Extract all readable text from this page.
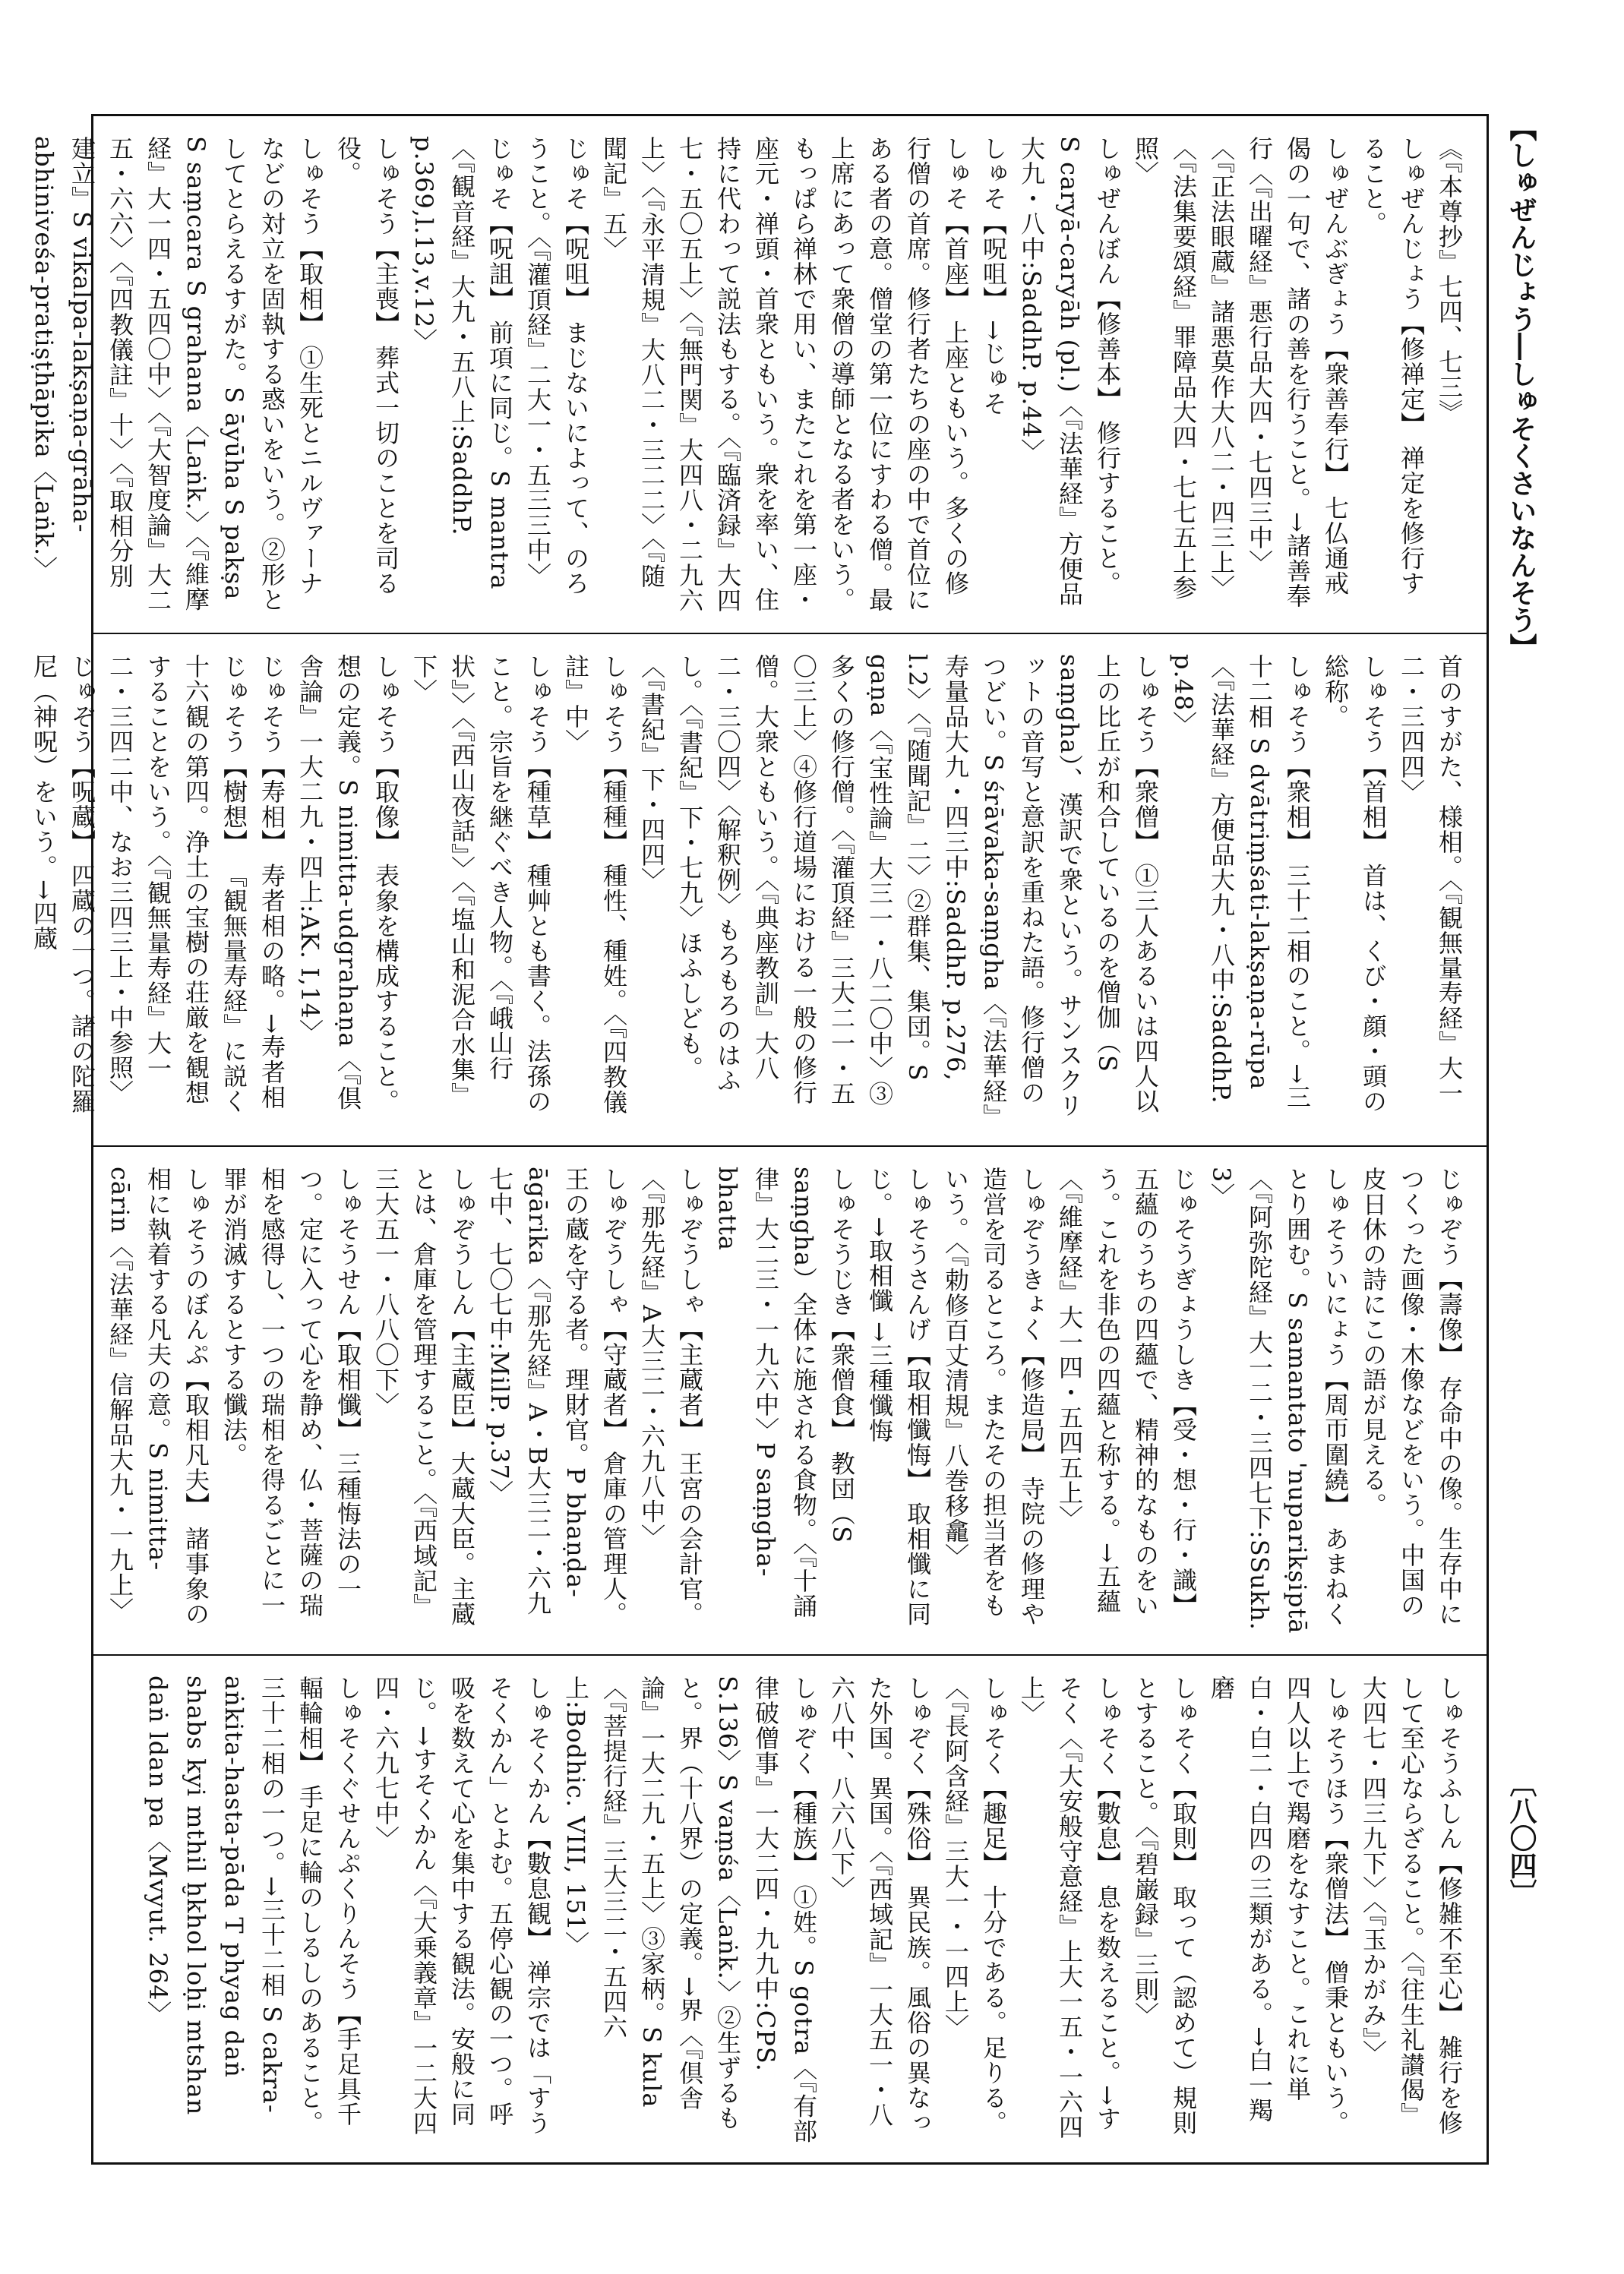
【しゅぜんじょう―しゅそくさいなんそう】
〔八〇四〕
《『本尊抄』七四、七三》
しゅぜんじょう【修禅定】 禅定を修行すること。
しゅぜんぶぎょう【衆善奉行】 七仏通戒偈の一句で、諸の善を行うこと。→諸善奉行〈『出曜経』悪行品大四・七四三中〉〈『正法眼蔵』諸悪莫作大八二・四三上〉〈『法集要頌経』罪障品大四・七七五上参照〉
しゅぜんぼん【修善本】 修行すること。S caryā-caryāh (pl.)〈『法華経』方便品大九・八中:SaddhP. p.44〉
しゅそ【呪咀】 →じゅそ
しゅそ【首座】 上座ともいう。多くの修行僧の首席。修行者たちの座の中で首位にある者の意。僧堂の第一位にすわる僧。最上席にあって衆僧の導師となる者をいう。もっぱら禅林で用い、またこれを第一座・座元・禅頭・首衆ともいう。衆を率い、住持に代わって説法もする。〈『臨済録』大四七・五〇五上〉〈『無門関』大四八・二九六上〉〈『永平清規』大八二・三二二〉〈『随聞記』五〉
じゅそ【呪咀】 まじないによって、のろうこと。〈『灌頂経』二大一・五三三中〉
じゅそ【呪詛】 前項に同じ。S mantra〈『観音経』大九・五八上:SaddhP. p.369,l.13,v.12〉
しゅそう【主喪】 葬式一切のことを司る役。
しゅそう【取相】 ①生死とニルヴァーナなどの対立を固執する惑いをいう。②形としてとらえるすがた。S āyūha S pakṣa S saṃcara S grahana〈Laṅk.〉〈『維摩経』大一四・五四〇中〉〈『大智度論』大二五・六六〉〈『四教儀註』十〉〈『取相分別建立』S vikalpa-lakṣaṇa-grāha-abhiniveśa-pratiṣṭhāpika〈Laṅk.〉
首のすがた、様相。〈『観無量寿経』大一二・三四四〉
しゅそう【首相】 首は、くび・顔・頭の総称。
しゅそう【衆相】 三十二相のこと。→三十二相 S dvātriṃśati-lakṣaṇa-rūpa〈『法華経』方便品大九・八中:SaddhP. p.48〉
しゅそう【衆僧】 ①三人あるいは四人以上の比丘が和合しているのを僧伽（S saṃgha）、漢訳で衆という。サンスクリットの音写と意訳を重ねた語。修行僧のつどい。S śrāvaka-saṃgha〈『法華経』寿量品大九・四三中:SaddhP. p.276, l.2〉〈『随聞記』二〉②群集、集団。S gaṇa〈『宝性論』大三一・八二〇中〉③多くの修行僧。〈『灌頂経』三大二一・五〇三上〉④修行道場における一般の修行僧。大衆ともいう。〈『典座教訓』大八二・三〇四〉〈解釈例〉もろもろのはふし。〈『書紀』下・七九〉ほふしども。〈『書紀』下・四四〉
しゅそう【種種】 種性、種姓。〈『四教儀註』中〉
しゅそう【種草】 種艸とも書く。法孫のこと。宗旨を継ぐべき人物。〈『峨山行状』〉〈『西山夜話』〉〈『塩山和泥合水集』下〉
しゅそう【取像】 表象を構成すること。想の定義。S nimitta-udgrahaṇa〈『倶舎論』一大二九・四上:AK. I,14〉
じゅそう【寿相】 寿者相の略。→寿者相
じゅそう【樹想】 『観無量寿経』に説く十六観の第四。浄土の宝樹の荘厳を観想することをいう。〈『観無量寿経』大一二・三四二中、なお三四三上・中参照〉
じゅぞう【呪蔵】 四蔵の一つ。諸の陀羅尼（神呪）をいう。→四蔵
じゅぞう【壽像】 存命中の像。生存中につくった画像・木像などをいう。中国の皮日休の詩にこの語が見える。
しゅそういにょう【周帀圍繞】 あまねくとり囲む。S samantato 'nuparikṣiptā〈『阿弥陀経』大一二・三四七下:SSukh. 3〉
じゅそうぎょうしき【受・想・行・識】 五蘊のうちの四蘊で、精神的なものをいう。これを非色の四蘊と称する。→五蘊〈『維摩経』大一四・五四五上〉
しゅぞうきょく【修造局】 寺院の修理や造営を司るところ。またその担当者をもいう。〈『勅修百丈清規』八巻移龕〉
しゅそうさんげ【取相懺悔】 取相懺に同じ。→取相懺 →三種懺悔
しゅそうじき【衆僧食】 教団（S saṃgha）全体に施される食物。〈『十誦律』大二三・一九六中〉P saṃgha-bhatta
しゅぞうしゃ【主蔵者】 王宮の会計官。〈『那先経』A大三二・六九八中〉
しゅぞうしゃ【守蔵者】 倉庫の管理人。王の蔵を守る者。理財官。P bhaṇḍa-āgārika〈『那先経』A・B大三二・六九七中、七〇七中:MilP. p.37〉
しゅぞうしん【主蔵臣】 大蔵大臣。主蔵とは、倉庫を管理すること。〈『西域記』三大五一・八八〇下〉
しゅそうせん【取相懺】 三種悔法の一つ。定に入って心を静め、仏・菩薩の瑞相を感得し、一つの瑞相を得るごとに一罪が消滅するとする懺法。
しゅそうのぼんぷ【取相凡夫】 諸事象の相に執着する凡夫の意。S nimitta-cārin〈『法華経』信解品大九・一九上〉
しゅそうふしん【修雑不至心】 雑行を修して至心ならざること。〈『往生礼讃偈』大四七・四三九下〉〈『玉かがみ』〉
しゅそうほう【衆僧法】 僧秉ともいう。四人以上で羯磨をなすこと。これに単白・白二・白四の三類がある。→白一羯磨
しゅそく【取則】 取って（認めて）規則とすること。〈『碧巌録』三則〉
しゅそく【數息】 息を数えること。→すそく〈『大安般守意経』上大一五・一六四上〉
しゅそく【趣足】 十分である。足りる。〈『長阿含経』三大一・一四上〉
しゅぞく【殊俗】 異民族。風俗の異なった外国。異国。〈『西域記』一大五一・八六八中、八六八下〉
しゅぞく【種族】 ①姓。S gotra〈『有部律破僧事』一大二四・九九中:CPS. S.136〉S vaṃśa〈Laṅk.〉②生ずるもと。界（十八界）の定義。→界〈『倶舎論』一大二九・五上〉③家柄。S kula〈『菩提行経』三大三二・五四六上:Bodhic. VIII, 151〉
しゅそくかん【數息観】 禅宗では「すうそくかん」とよむ。五停心観の一つ。呼吸を数えて心を集中する観法。安般に同じ。→すそくかん〈『大乗義章』一二大四四・六九七中〉
しゅそくぐせんぷくりんそう【手足具千輻輪相】 手足に輪のしるしのあること。三十二相の一つ。→三十二相 S cakra-aṅkita-hasta-pāda T phyag daṅ shabs kyi mthil ḫkhol loḥi mtshan daṅ ldan pa〈Mvyut. 264〉
